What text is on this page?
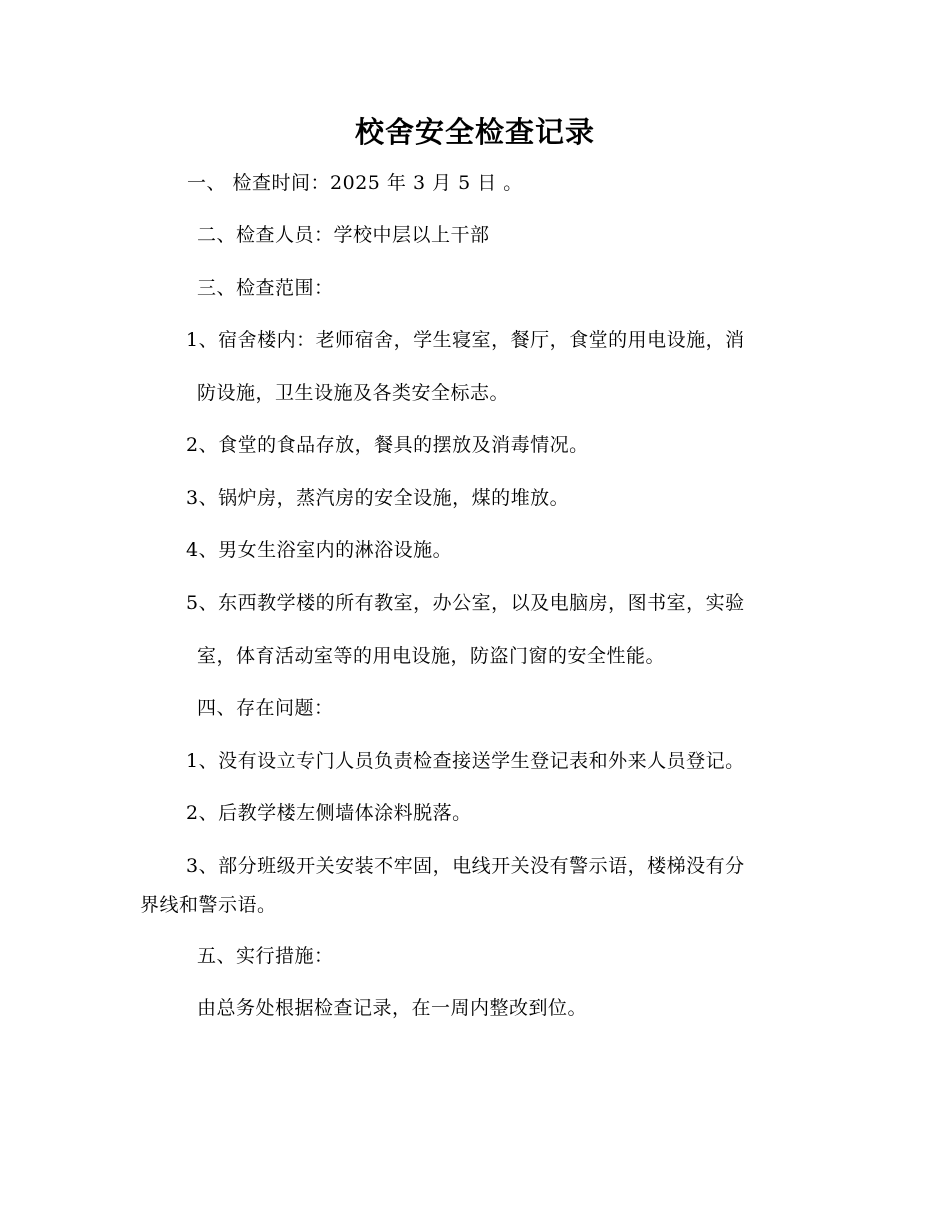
校舍安全检查记录
一、 检查时间：2025 年 3 月 5 日 。
二、检查人员：学校中层以上干部
三、检查范围：
1、宿舍楼内：老师宿舍，学生寝室，餐厅，食堂的用电设施，消
防设施，卫生设施及各类安全标志。
2、食堂的食品存放，餐具的摆放及消毒情况。
3、锅炉房，蒸汽房的安全设施，煤的堆放。
4、男女生浴室内的淋浴设施。
5、东西教学楼的所有教室，办公室，以及电脑房，图书室，实验
室，体育活动室等的用电设施，防盗门窗的安全性能。
四、存在问题：
1、没有设立专门人员负责检查接送学生登记表和外来人员登记。
2、后教学楼左侧墙体涂料脱落。
3、部分班级开关安装不牢固，电线开关没有警示语，楼梯没有分
界线和警示语。
五、实行措施：
由总务处根据检查记录，在一周内整改到位。
